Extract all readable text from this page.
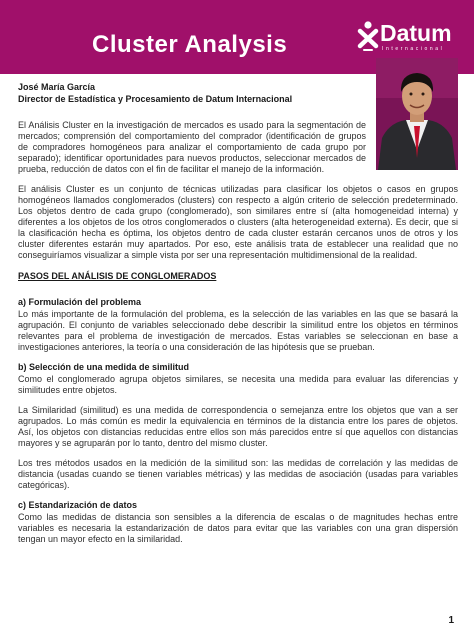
Cluster Analysis	Datum
I n t e r n a c i o n a l
José María García
Director de Estadística y Procesamiento de Datum Internacional

El Análisis Cluster en la investigación de mercados es usado para la segmentación de mercados; comprensión del comportamiento del comprador (identificación de grupos de compradores homogéneos para analizar el comportamiento de cada grupo por separado); identificar oportunidades para nuevos productos, seleccionar mercados de prueba, reducción de datos con el fin de facilitar el manejo de la información.

El análisis Cluster es un conjunto de técnicas utilizadas para clasificar los objetos o casos en grupos homogéneos llamados conglomerados (clusters) con respecto a algún criterio de selección predeterminado. Los objetos dentro de cada grupo (conglomerado), son similares entre sí (alta homogeneidad interna) y diferentes a los objetos de los otros conglomerados o clusters (alta heterogeneidad externa). Es decir, que si la clasificación hecha es óptima, los objetos dentro de cada cluster estarán cercanos unos de otros y los cluster diferentes estarán muy apartados. Por eso, este análisis trata de establecer una realidad que no conseguiríamos visualizar a simple vista por ser una representación multidimensional de la realidad.

PASOS DEL ANÁLISIS DE CONGLOMERADOS
a) Formulación del problema

Lo más importante de la formulación del problema, es la selección de las variables en las que se basará la agrupación. El conjunto de variables seleccionado debe describir la similitud entre los objetos en términos relevantes para el problema de investigación de mercados. Estas variables se seleccionan en base a investigaciones anteriores, la teoría o una consideración de las hipótesis que se prueban.

b) Selección de una medida de similitud

Como el conglomerado agrupa objetos similares, se necesita una medida para evaluar las diferencias y similitudes entre objetos.

La Similaridad (similitud) es una medida de correspondencia o semejanza entre los objetos que van a ser agrupados. Lo más común es medir la equivalencia en términos de la distancia entre los pares de objetos. Así, los objetos con distancias reducidas entre ellos son más parecidos entre sí que aquellos con distancias mayores y se agruparán por lo tanto, dentro del mismo cluster.

Los tres métodos usados en la medición de la similitud son: las medidas de correlación y las medidas de distancia (usadas cuando se tienen variables métricas) y las medidas de asociación (usadas para variables categóricas).

c) Estandarización de datos

Como las medidas de distancia son sensibles a la diferencia de escalas o de magnitudes hechas entre variables es necesaria la estandarización de datos para evitar que las variables con una gran dispersión tengan un mayor efecto en la similaridad.

1
